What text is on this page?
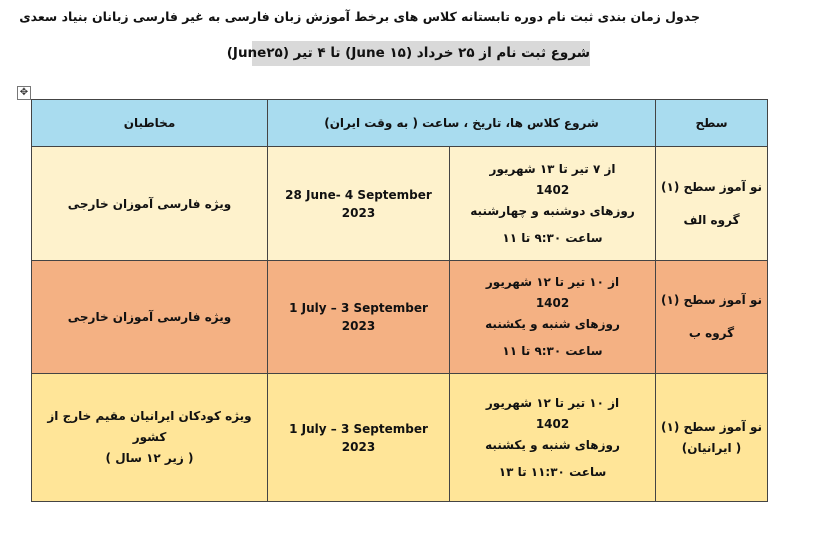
جدول زمان بندی ثبت نام دوره تابستانه کلاس های برخط آموزش زبان فارسی به غیر فارسی زبانان بنیاد سعدی
شروع ثبت نام از ۲۵ خرداد (June ۱۵) تا ۴ تیر (June۲۵)
✥
سطح	شروع کلاس ها، تاریخ ، ساعت ( به وقت ایران)		مخاطبان

نو آموز سطح (۱)
گروه الف	از ۷ تیر تا ۱۳ شهریور
1402
روزهای دوشنبه و چهارشنبه
ساعت ۹:۳۰ تا ۱۱	28 June- 4 September
2023	ویژه فارسی آموزان خارجی

نو آموز سطح (۱)
گروه ب	از ۱۰ تیر تا ۱۲ شهریور
1402
روزهای شنبه و یکشنبه
ساعت ۹:۳۰ تا ۱۱	1 July – 3 September
2023	ویژه فارسی آموزان خارجی

نو آموز سطح (۱)
( ایرانیان)	از ۱۰ تیر تا ۱۲ شهریور
1402
روزهای شنبه و یکشنبه
ساعت ۱۱:۳۰ تا ۱۳	1 July – 3 September
2023	ویژه کودکان ایرانیان مقیم خارج از کشور
( زیر ۱۲ سال )
